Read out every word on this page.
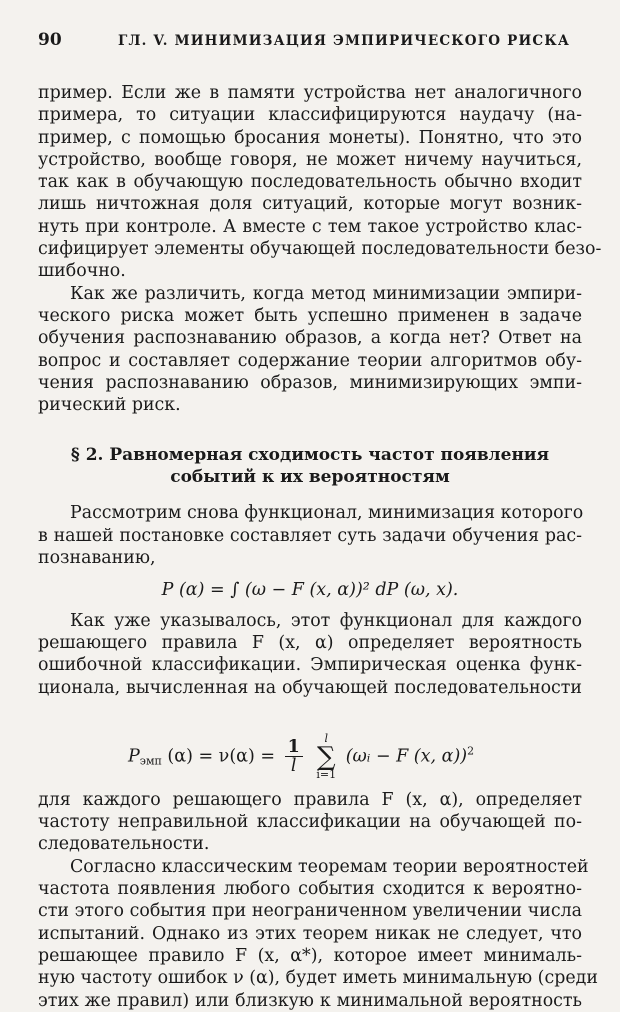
90	ГЛ. V. МИНИМИЗАЦИЯ ЭМПИРИЧЕСКОГО РИСКА

пример. Если же в памяти устройства нет аналогичного
примера, то ситуации классифицируются наудачу (на-
пример, с помощью бросания монеты). Понятно, что это
устройство, вообще говоря, не может ничему научиться,
так как в обучающую последовательность обычно входит
лишь ничтожная доля ситуаций, которые могут возник-
нуть при контроле. А вместе с тем такое устройство клас-
сифицирует элементы обучающей последовательности безо-
шибочно.

Как же различить, когда метод минимизации эмпири-
ческого риска может быть успешно применен в задаче
обучения распознаванию образов, а когда нет? Ответ на
вопрос и составляет содержание теории алгоритмов обу-
чения распознаванию образов, минимизирующих эмпи-
рический риск.

§ 2. Равномерная сходимость частот появления
событий к их вероятностям

Рассмотрим снова функционал, минимизация которого
в нашей постановке составляет суть задачи обучения рас-
познаванию,

P (α) = ∫ (ω − F (x, α))² dP (ω, x).

Как уже указывалось, этот функционал для каждого
решающего правила F (x, α) определяет вероятность
ошибочной классификации. Эмпирическая оценка функ-
ционала, вычисленная на обучающей последовательности

$P_{эмп}$ $(\alpha) = \nu(\alpha) = \frac{1}{l}$
	l
∑
i=1
(ωᵢ − F (x, α))$^2$

для каждого решающего правила F (x, α), определяет
частоту неправильной классификации на обучающей по-
следовательности.

Согласно классическим теоремам теории вероятностей
частота появления любого события сходится к вероятно-
сти этого события при неограниченном увеличении числа
испытаний. Однако из этих теорем никак не следует, что
решающее правило F (x, α*), которое имеет минималь-
ную частоту ошибок ν (α), будет иметь минимальную (среди
этих же правил) или близкую к минимальной вероятность
